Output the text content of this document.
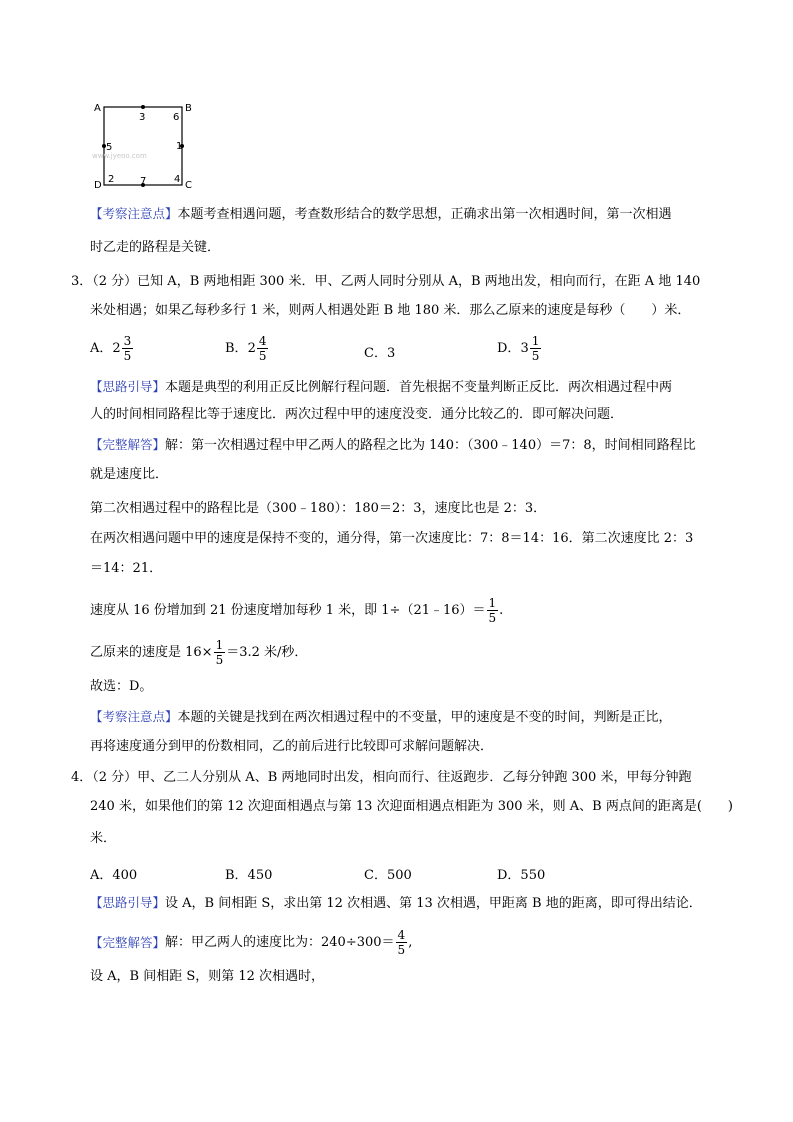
A	B
C
D
3	6
1
5
2	7	4
www.jyeoo.com
【考察注意点】本题考查相遇问题，考查数形结合的数学思想，正确求出第一次相遇时间，第一次相遇
时乙走的路程是关键．
3．（2 分）已知 A，B 两地相距 300 米．甲、乙两人同时分别从 A，B 两地出发，相向而行，在距 A 地 140
米处相遇；如果乙每秒多行 1 米，则两人相遇处距 B 地 180 米．那么乙原来的速度是每秒（　　）米．
A． $2 \frac{3}{5}$	B． $2 \frac{4}{5}$	C．3	D． $3 \frac{1}{5}$
【思路引导】本题是典型的利用正反比例解行程问题．首先根据不变量判断正反比．两次相遇过程中两
人的时间相同路程比等于速度比．两次过程中甲的速度没变．通分比较乙的．即可解决问题．
【完整解答】解：第一次相遇过程中甲乙两人的路程之比为 140：（300﹣140）＝7：8，时间相同路程比
就是速度比．
第二次相遇过程中的路程比是（300﹣180）：180＝2：3，速度比也是 2：3．
在两次相遇问题中甲的速度是保持不变的，通分得，第一次速度比：7：8＝14：16．第二次速度比 2：3
＝14：21．
速度从 16 份增加到 21 份速度增加每秒 1 米，即 1÷（21﹣16）＝ $\frac{1}{5}$ .
乙原来的速度是 $16\times \frac{1}{5} =3.2$ 米/秒．
故选：D。
【考察注意点】本题的关键是找到在两次相遇过程中的不变量，甲的速度是不变的时间，判断是正比，
再将速度通分到甲的份数相同，乙的前后进行比较即可求解问题解决．
4．（2 分）甲、乙二人分别从 A、B 两地同时出发，相向而行、往返跑步．乙每分钟跑 300 米，甲每分钟跑
240 米，如果他们的第 12 次迎面相遇点与第 13 次迎面相遇点相距为 300 米，则 A、B 两点间的距离是(　　)
米．
A．400	B．450	C．500	D．550
【思路引导】设 A，B 间相距 S，求出第 12 次相遇、第 13 次相遇，甲距离 B 地的距离，即可得出结论．
【完整解答】 解：甲乙两人的速度比为：$240\div 300= \frac{4}{5}$ ,
设 A，B 间相距 S，则第 12 次相遇时，
